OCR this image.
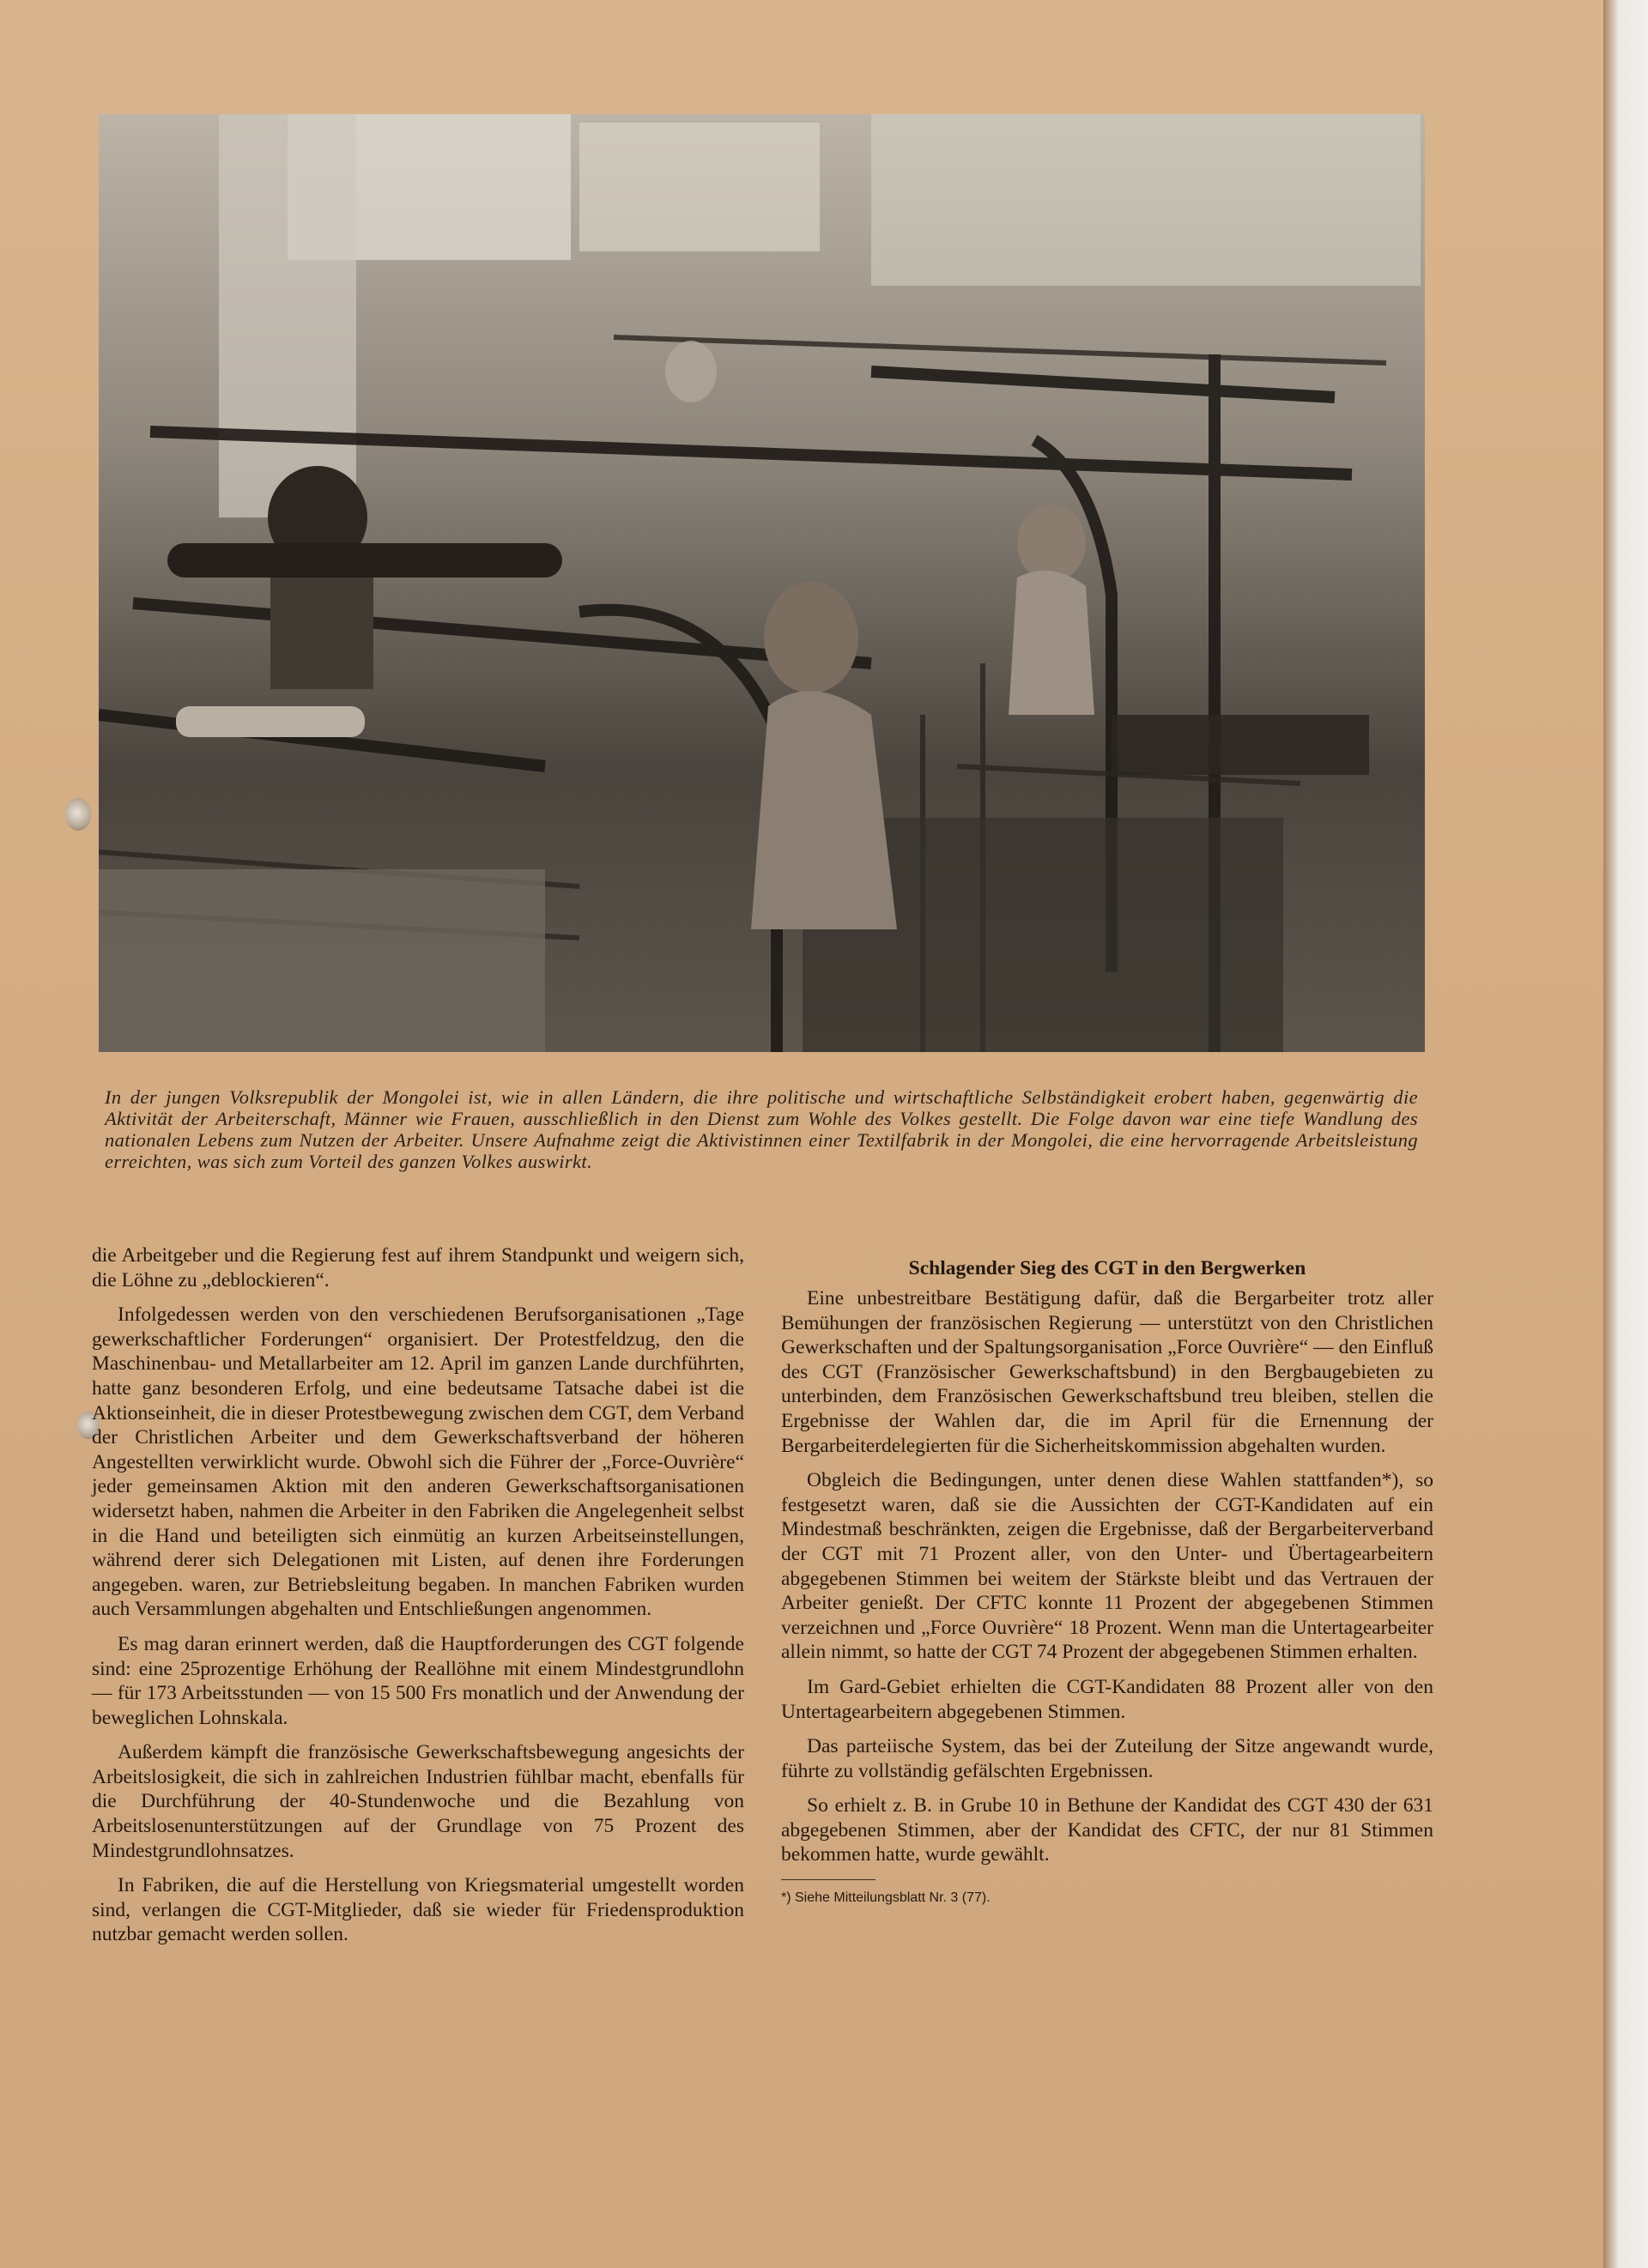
In der jungen Volksrepublik der Mongolei ist, wie in allen Ländern, die ihre politische und wirtschaftliche Selbständigkeit erobert haben, gegenwärtig die Aktivität der Arbeiterschaft, Männer wie Frauen, ausschließlich in den Dienst zum Wohle des Volkes gestellt. Die Folge davon war eine tiefe Wandlung des nationalen Lebens zum Nutzen der Arbeiter. Unsere Aufnahme zeigt die Aktivistinnen einer Textilfabrik in der Mongolei, die eine hervorragende Arbeitsleistung erreichten, was sich zum Vorteil des ganzen Volkes auswirkt.

die Arbeitgeber und die Regierung fest auf ihrem Standpunkt und weigern sich, die Löhne zu „deblockieren“.

Infolgedessen werden von den verschiedenen Berufsorganisationen „Tage gewerkschaftlicher Forderungen“ organisiert. Der Protestfeldzug, den die Maschinenbau- und Metallarbeiter am 12. April im ganzen Lande durchführten, hatte ganz besonderen Erfolg, und eine bedeutsame Tatsache dabei ist die Aktionseinheit, die in dieser Protestbewegung zwischen dem CGT, dem Verband der Christlichen Arbeiter und dem Gewerkschaftsverband der höheren Angestellten verwirklicht wurde. Obwohl sich die Führer der „Force-Ouvrière“ jeder gemeinsamen Aktion mit den anderen Gewerkschaftsorganisationen widersetzt haben, nahmen die Arbeiter in den Fabriken die Angelegenheit selbst in die Hand und beteiligten sich einmütig an kurzen Arbeitseinstellungen, während derer sich Delegationen mit Listen, auf denen ihre Forderungen angegeben. waren, zur Betriebsleitung begaben. In manchen Fabriken wurden auch Versammlungen abgehalten und Entschließungen angenommen.

Es mag daran erinnert werden, daß die Hauptforderungen des CGT folgende sind: eine 25prozentige Erhöhung der Reallöhne mit einem Mindestgrundlohn — für 173 Arbeitsstunden — von 15 500 Frs monatlich und der Anwendung der beweglichen Lohnskala.

Außerdem kämpft die französische Gewerkschaftsbewegung angesichts der Arbeitslosigkeit, die sich in zahlreichen Industrien fühlbar macht, ebenfalls für die Durchführung der 40-Stundenwoche und die Bezahlung von Arbeitslosenunterstützungen auf der Grundlage von 75 Prozent des Mindestgrundlohnsatzes.

In Fabriken, die auf die Herstellung von Kriegsmaterial umgestellt worden sind, verlangen die CGT-Mitglieder, daß sie wieder für Friedensproduktion nutzbar gemacht werden sollen.

Schlagender Sieg des CGT in den Bergwerken

Eine unbestreitbare Bestätigung dafür, daß die Bergarbeiter trotz aller Bemühungen der französischen Regierung — unterstützt von den Christlichen Gewerkschaften und der Spaltungsorganisation „Force Ouvrière“ — den Einfluß des CGT (Französischer Gewerkschaftsbund) in den Bergbaugebieten zu unterbinden, dem Französischen Gewerkschaftsbund treu bleiben, stellen die Ergebnisse der Wahlen dar, die im April für die Ernennung der Bergarbeiterdelegierten für die Sicherheitskommission abgehalten wurden.

Obgleich die Bedingungen, unter denen diese Wahlen stattfanden*), so festgesetzt waren, daß sie die Aussichten der CGT-Kandidaten auf ein Mindestmaß beschränkten, zeigen die Ergebnisse, daß der Bergarbeiterverband der CGT mit 71 Prozent aller, von den Unter- und Übertagearbeitern abgegebenen Stimmen bei weitem der Stärkste bleibt und das Vertrauen der Arbeiter genießt. Der CFTC konnte 11 Prozent der abgegebenen Stimmen verzeichnen und „Force Ouvrière“ 18 Prozent. Wenn man die Untertagearbeiter allein nimmt, so hatte der CGT 74 Prozent der abgegebenen Stimmen erhalten.

Im Gard-Gebiet erhielten die CGT-Kandidaten 88 Prozent aller von den Untertagearbeitern abgegebenen Stimmen.

Das parteiische System, das bei der Zuteilung der Sitze angewandt wurde, führte zu vollständig gefälschten Ergebnissen.

So erhielt z. B. in Grube 10 in Bethune der Kandidat des CGT 430 der 631 abgegebenen Stimmen, aber der Kandidat des CFTC, der nur 81 Stimmen bekommen hatte, wurde gewählt.

*) Siehe Mitteilungsblatt Nr. 3 (77).
